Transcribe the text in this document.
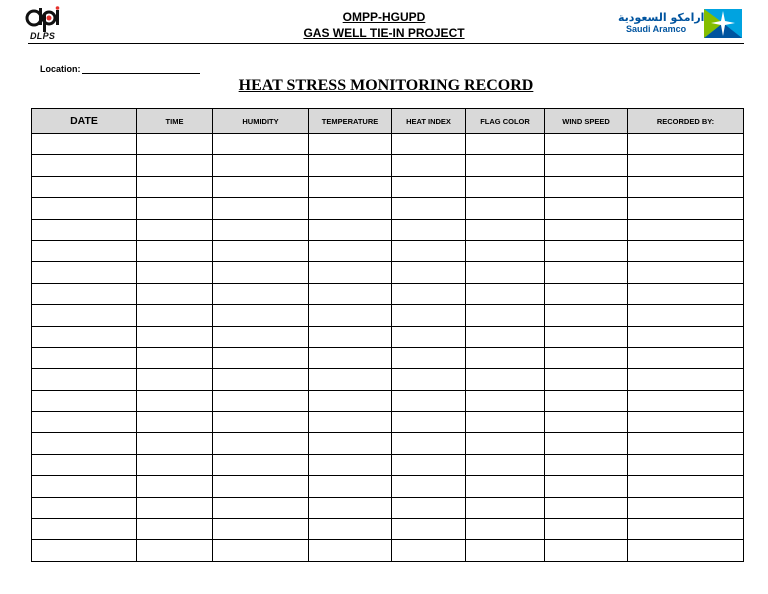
DLPS
OMPP-HGUPD
GAS WELL TIE-IN PROJECT
ارامكو السعودية
Saudi Aramco
Location:
HEAT STRESS MONITORING RECORD
DATE	TIME	HUMIDITY	TEMPERATURE	HEAT INDEX	FLAG COLOR	WIND SPEED	RECORDED BY:
